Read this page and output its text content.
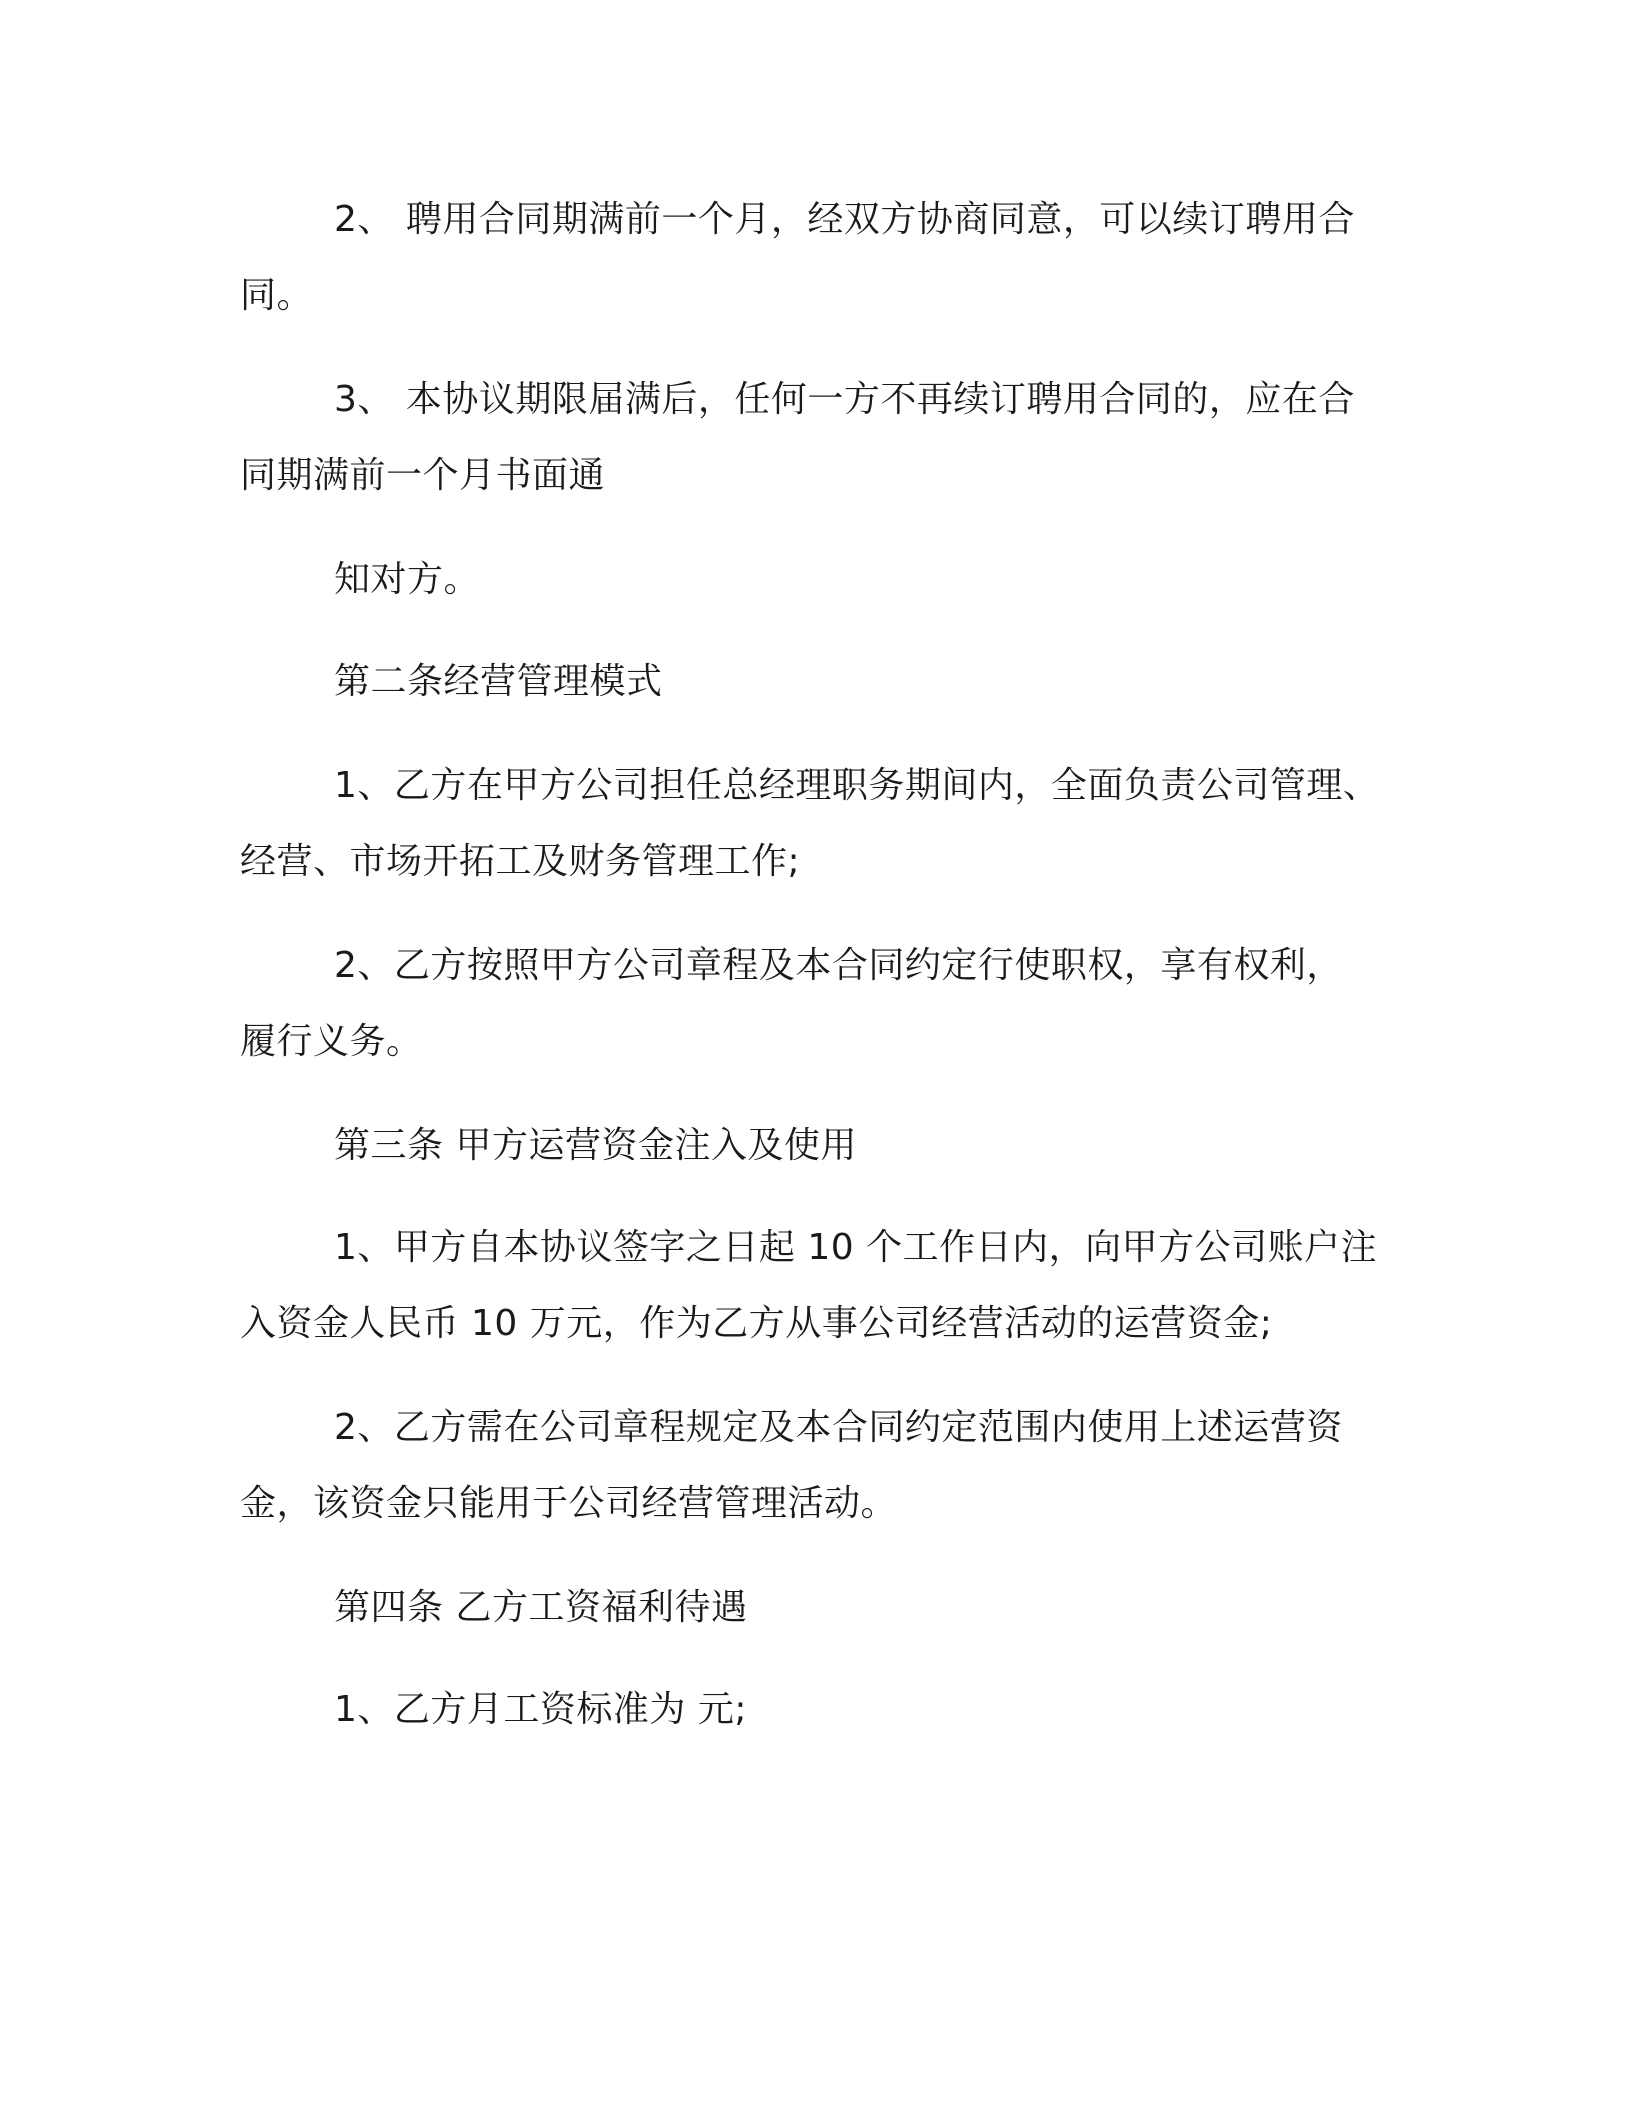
2、 聘用合同期满前一个月，经双方协商同意，可以续订聘用合

同。

3、 本协议期限届满后，任何一方不再续订聘用合同的，应在合

同期满前一个月书面通

知对方。

第二条经营管理模式

1、乙方在甲方公司担任总经理职务期间内，全面负责公司管理、

经营、市场开拓工及财务管理工作;

2、乙方按照甲方公司章程及本合同约定行使职权，享有权利，

履行义务。

第三条 甲方运营资金注入及使用

1、甲方自本协议签字之日起 10 个工作日内，向甲方公司账户注

入资金人民币 10 万元，作为乙方从事公司经营活动的运营资金;

2、乙方需在公司章程规定及本合同约定范围内使用上述运营资

金，该资金只能用于公司经营管理活动。

第四条 乙方工资福利待遇

1、乙方月工资标准为 元;
